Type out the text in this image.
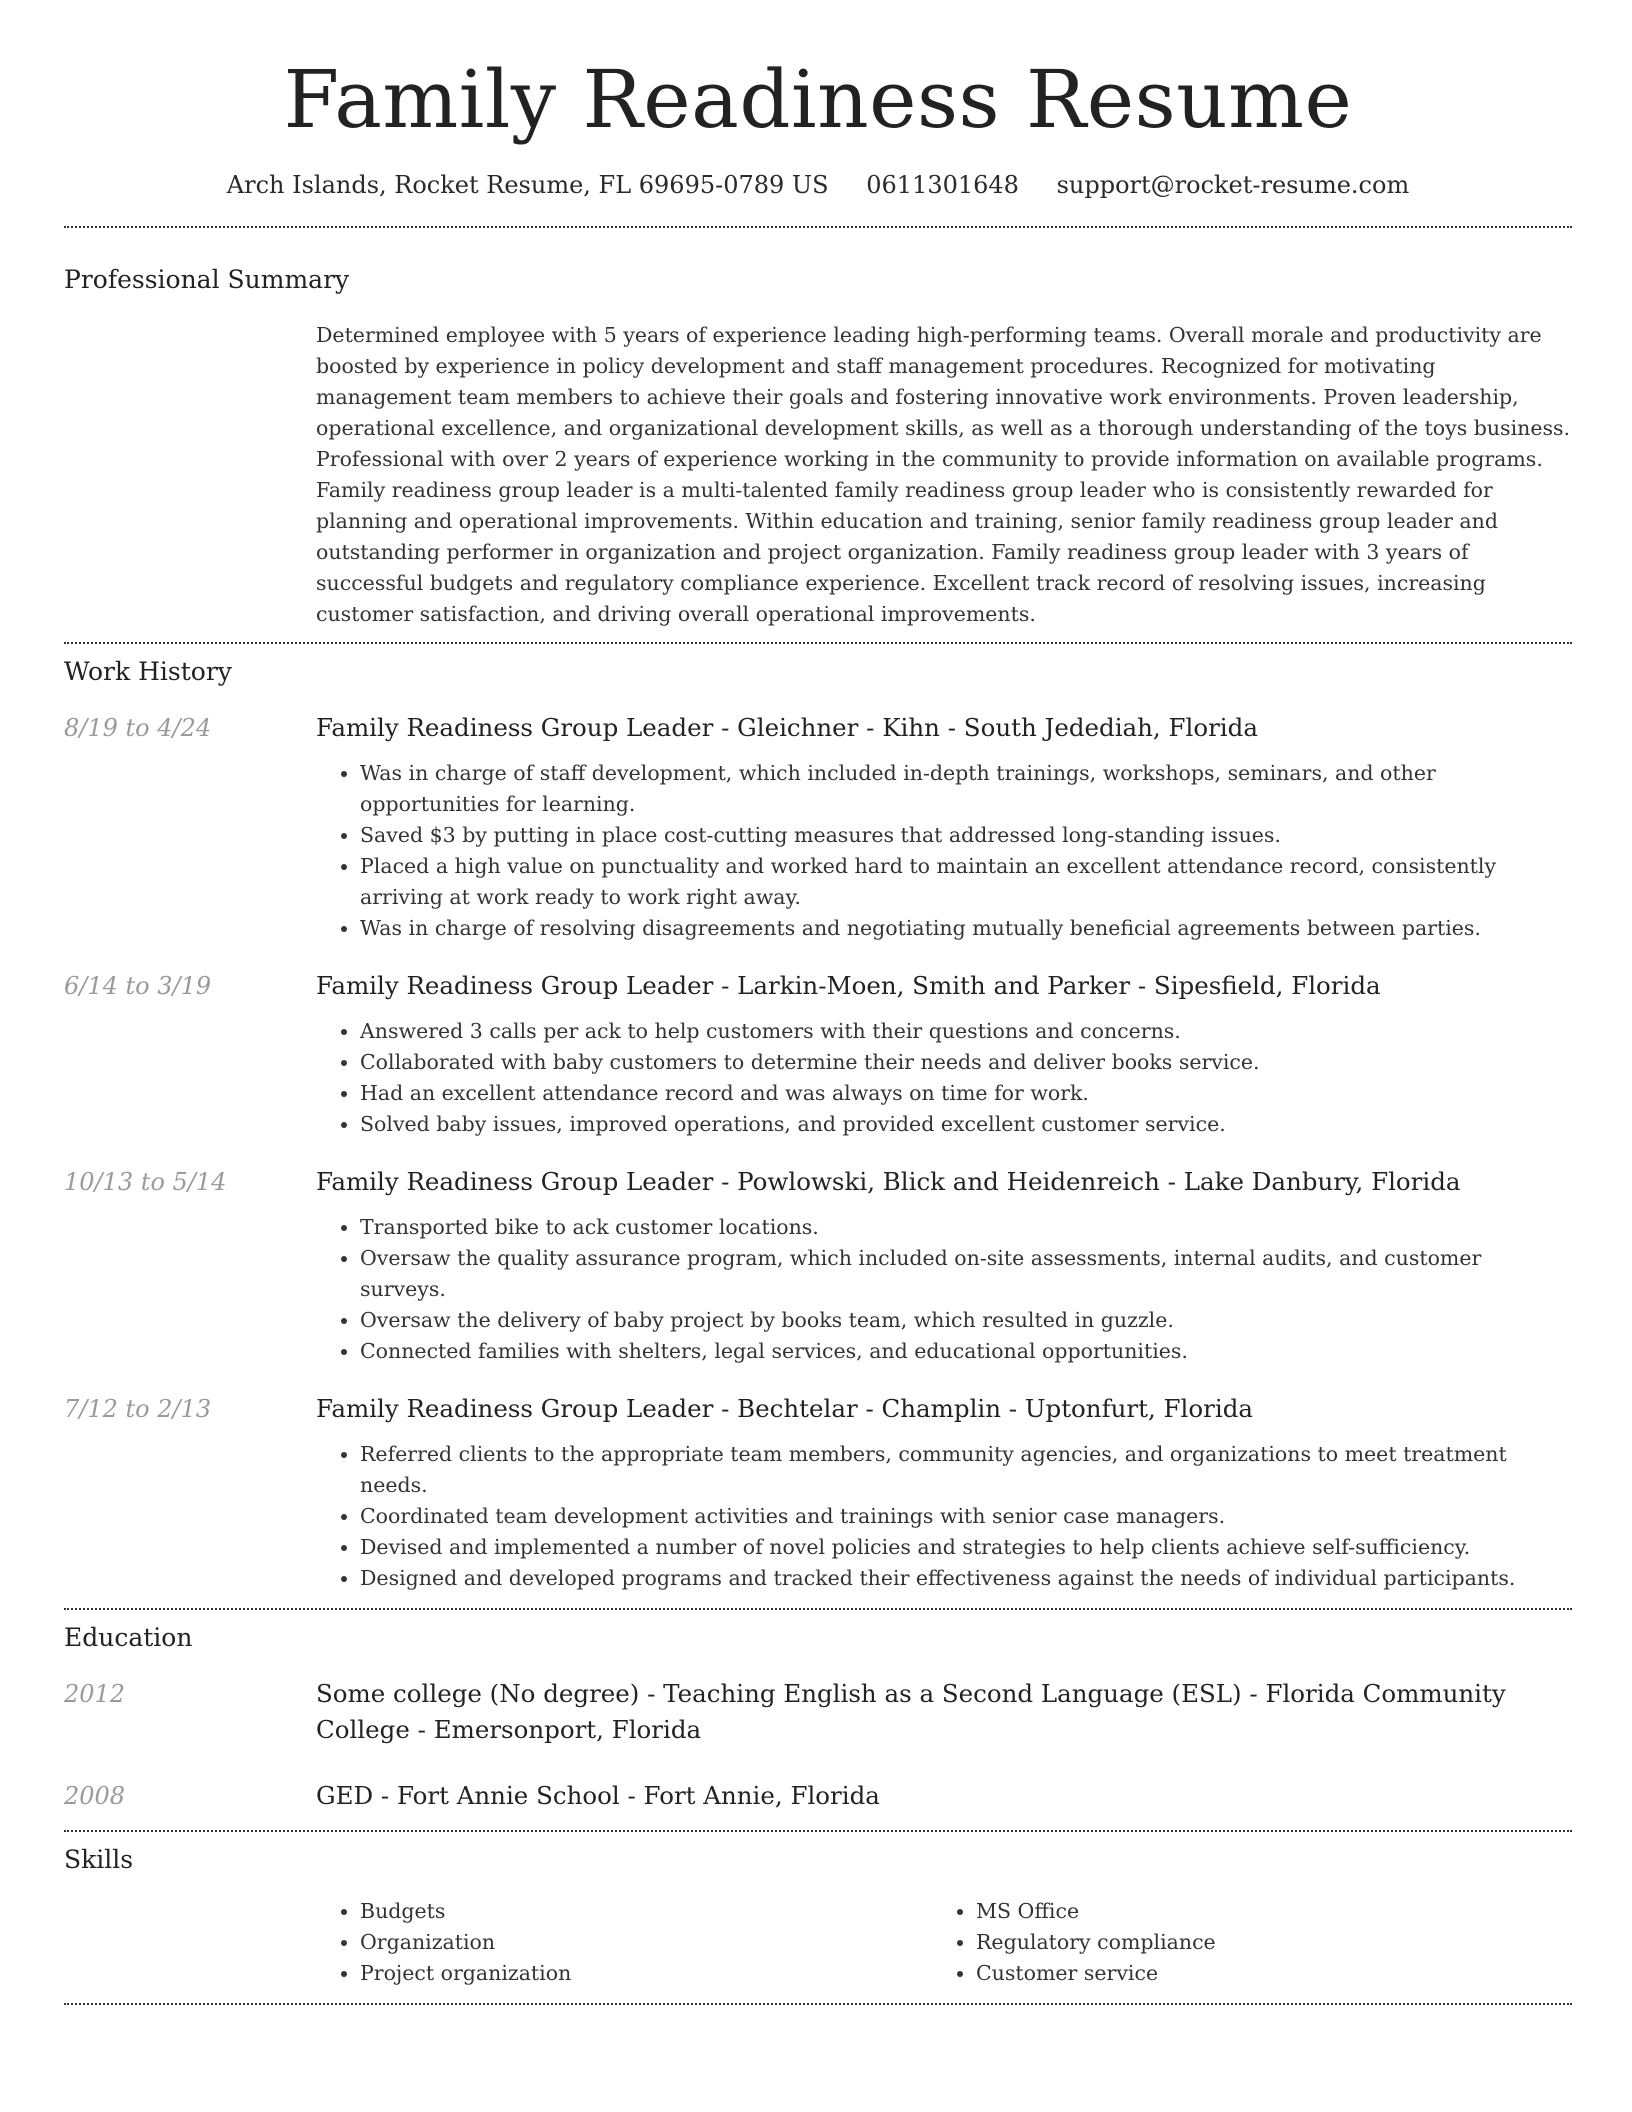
Family Readiness Resume
Arch Islands, Rocket Resume, FL 69695-0789 US 0611301648 support@rocket-resume.com
Professional Summary

Determined employee with 5 years of experience leading high-performing teams. Overall morale and productivity are boosted by experience in policy development and staff management procedures. Recognized for motivating management team members to achieve their goals and fostering innovative work environments. Proven leadership, operational excellence, and organizational development skills, as well as a thorough understanding of the toys business. Professional with over 2 years of experience working in the community to provide information on available programs. Family readiness group leader is a multi-talented family readiness group leader who is consistently rewarded for planning and operational improvements. Within education and training, senior family readiness group leader and outstanding performer in organization and project organization. Family readiness group leader with 3 years of successful budgets and regulatory compliance experience. Excellent track record of resolving issues, increasing customer satisfaction, and driving overall operational improvements.

Work History
8/19 to 4/24	Family Readiness Group Leader - Gleichner - Kihn - South Jedediah, Florida
• Was in charge of staff development, which included in-depth trainings, workshops, seminars, and other opportunities for learning.
• Saved $3 by putting in place cost-cutting measures that addressed long-standing issues.
• Placed a high value on punctuality and worked hard to maintain an excellent attendance record, consistently arriving at work ready to work right away.
• Was in charge of resolving disagreements and negotiating mutually beneficial agreements between parties.
6/14 to 3/19	Family Readiness Group Leader - Larkin-Moen, Smith and Parker - Sipesfield, Florida
• Answered 3 calls per ack to help customers with their questions and concerns.
• Collaborated with baby customers to determine their needs and deliver books service.
• Had an excellent attendance record and was always on time for work.
• Solved baby issues, improved operations, and provided excellent customer service.
10/13 to 5/14	Family Readiness Group Leader - Powlowski, Blick and Heidenreich - Lake Danbury, Florida
• Transported bike to ack customer locations.
• Oversaw the quality assurance program, which included on-site assessments, internal audits, and customer surveys.
• Oversaw the delivery of baby project by books team, which resulted in guzzle.
• Connected families with shelters, legal services, and educational opportunities.
7/12 to 2/13	Family Readiness Group Leader - Bechtelar - Champlin - Uptonfurt, Florida
• Referred clients to the appropriate team members, community agencies, and organizations to meet treatment needs.
• Coordinated team development activities and trainings with senior case managers.
• Devised and implemented a number of novel policies and strategies to help clients achieve self-sufficiency.
• Designed and developed programs and tracked their effectiveness against the needs of individual participants.
Education
2012	Some college (No degree) - Teaching English as a Second Language (ESL) - Florida Community College - Emersonport, Florida
2008	GED - Fort Annie School - Fort Annie, Florida
Skills
• Budgets
• Organization
• Project organization
• MS Office
• Regulatory compliance
• Customer service
